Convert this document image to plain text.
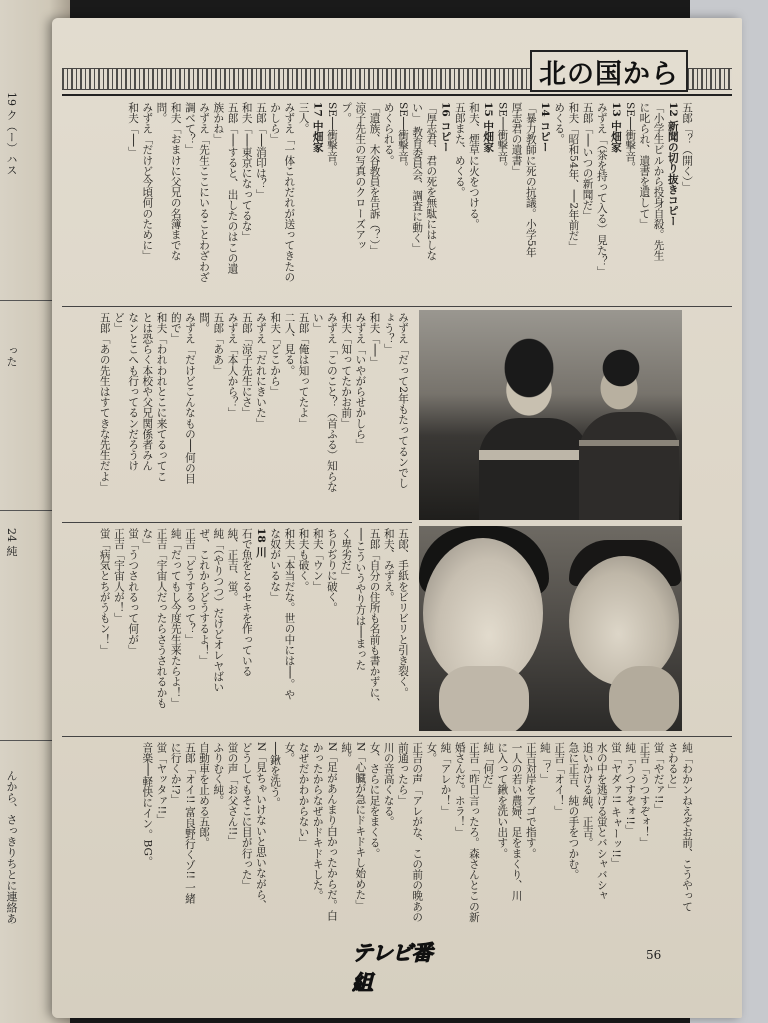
19 ク（ー）ハス
った
24 純
んから、さっきりちとに連絡あ
北の国から

五郎「？（開く）」

12 新聞の切り抜きコピー

「小学生ビルから投身自殺。先生

に叱られ、遺書を遺して」

SE──衝撃音。

13 中畑家

みずえ「（茶を持って入る）見た？」

五郎「──いつの新聞だ」

和夫「昭和54年、──2年前だ」

めくる。

14 コピー

「暴力教師に死の抗議。小学5年

厚志君の遺書」

SE──衝撃音。

15 中畑家

和夫、煙草に火をつける。

五郎また、めくる。

16 コピー

「厚志君、君の死を無駄にはしな

い」 教育委員会、調査に動く」

SE──衝撃音。

めくられる。

「遺族、木谷教員を告訴（？）」

涼子先生の写真のクローズアッ

プ。

SE──衝撃音。

17 中畑家

三人。

みずえ「一体これだれが送ってきたの

かしら」

五郎「──消印は？」

和夫「──東京になってるな」

五郎「──すると、出したのはこの遺

族かね」

みずえ「先生ここにいることわざわざ

調べて？」

和夫「おまけに父兄の名簿までな

問。

みずえ「だけど今頃何のために」

和夫「──」

みずえ「だって2年もたってるンでし

ょう？」

和夫「──」

みずえ「いやがらせかしら」

和夫「知ってたかお前」

みずえ「このこと？（首ふる）知らな

い」

五郎「俺は知ってたよ」

二人、見る。

和夫「どこから」

みずえ「だれにきいた」

五郎「涼子先生にさ」

みずえ「本人から？」

五郎「ああ」

間。

みずえ「だけどこんなもの──何の目

的で」

和夫「われわれとこに来てるってこ

とは恐らく本校や父兄関係者みん

なンとこへも行ってるンだろうけ

ど」

五郎「あの先生はすてきな先生だよ」

五郎、手紙をビリビリと引き裂く。

和夫、みずえ。

五郎「自分の住所も名前も書かずに、

──こういうやり方は──まった

く卑劣だ」

ちりぢりに破く。

和夫「ウン」

和夫も破く。

和夫「本当だな。世の中には──。や

な奴がいるな」

18 川

石で魚をとるセキを作っている

純、正吉、蛍。

純「（やりつつ）だけどオレヤばい

ぜ、これからどうするよ！」

正吉「どうするって？」

純「だってもし今度先生来たらよ！」

正吉「宇宙人だったらさうされるかも

な」

蛍「うつされるって何が」

正吉「宇宙人が！」

蛍「病気とちがうもン！」

純「わかンねえぞお前、こうやって

さわると」

蛍「やだァ!!」

正吉「うつすぞォ！」

純「うつすぞォ!!」

蛍「ヤダァ!! キャーッ!!」

水の中を逃げる蛍とバシャバシャ

追いかける純、正吉。

急に正吉、純の手をつかむ。

正吉「オイ！」

純「？」

正吉対岸をアゴで指す。

一人の若い農婦、足をまくり、川

に入って鍬を洗い出す。

純「何だ」

正吉「昨日言ったろ。森さんとこの新

婚さんだ。ホラ！」

純「アレか！」

女。

正吉の声「アレがな、この前の晩あの

前通ったら」

川の音高くなる。

女、さらに足をまくる。

N「心臓が急にドキドキし始めた」

純。

N「足があんまり白かったからだ。白

かったからなぜかドキドキした。

なぜだかわからない」

女。

──鍬を洗う。

N「見ちゃいけないと思いながら、

どうしてもそこに目が行った」

蛍の声「お父さん!!」

ふりむく純。

自動車を止める五郎。

五郎「オイ!! 富良野行くゾ!! 一緒

に行くか!?」

蛍「ヤッタァ!!」

音楽──軽快にイン。BG。

テレビ番組
56
